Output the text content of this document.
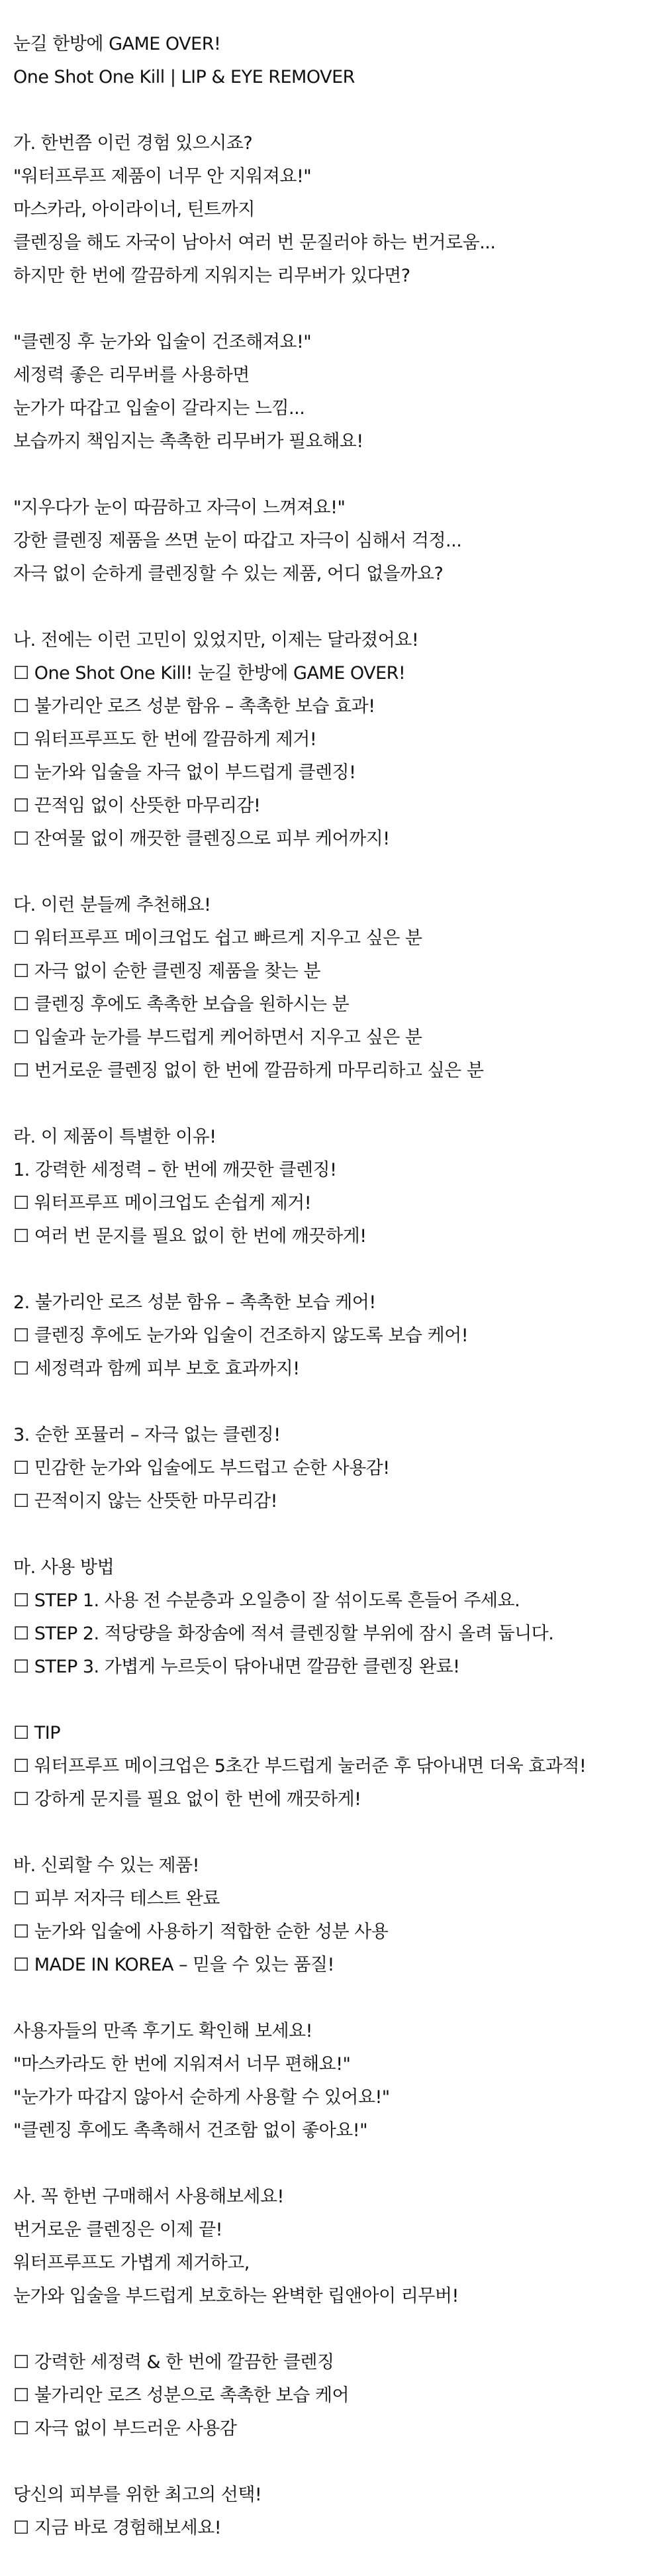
눈길 한방에 GAME OVER!
One Shot One Kill | LIP & EYE REMOVER
가. 한번쯤 이런 경험 있으시죠?
"워터프루프 제품이 너무 안 지워져요!"
마스카라, 아이라이너, 틴트까지
클렌징을 해도 자국이 남아서 여러 번 문질러야 하는 번거로움...
하지만 한 번에 깔끔하게 지워지는 리무버가 있다면?
"클렌징 후 눈가와 입술이 건조해져요!"
세정력 좋은 리무버를 사용하면
눈가가 따갑고 입술이 갈라지는 느낌...
보습까지 책임지는 촉촉한 리무버가 필요해요!
"지우다가 눈이 따끔하고 자극이 느껴져요!"
강한 클렌징 제품을 쓰면 눈이 따갑고 자극이 심해서 걱정...
자극 없이 순하게 클렌징할 수 있는 제품, 어디 없을까요?
나. 전에는 이런 고민이 있었지만, 이제는 달라졌어요!
☐ One Shot One Kill! 눈길 한방에 GAME OVER!
☐ 불가리안 로즈 성분 함유 – 촉촉한 보습 효과!
☐ 워터프루프도 한 번에 깔끔하게 제거!
☐ 눈가와 입술을 자극 없이 부드럽게 클렌징!
☐ 끈적임 없이 산뜻한 마무리감!
☐ 잔여물 없이 깨끗한 클렌징으로 피부 케어까지!
다. 이런 분들께 추천해요!
☐ 워터프루프 메이크업도 쉽고 빠르게 지우고 싶은 분
☐ 자극 없이 순한 클렌징 제품을 찾는 분
☐ 클렌징 후에도 촉촉한 보습을 원하시는 분
☐ 입술과 눈가를 부드럽게 케어하면서 지우고 싶은 분
☐ 번거로운 클렌징 없이 한 번에 깔끔하게 마무리하고 싶은 분
라. 이 제품이 특별한 이유!
1. 강력한 세정력 – 한 번에 깨끗한 클렌징!
☐ 워터프루프 메이크업도 손쉽게 제거!
☐ 여러 번 문지를 필요 없이 한 번에 깨끗하게!
2. 불가리안 로즈 성분 함유 – 촉촉한 보습 케어!
☐ 클렌징 후에도 눈가와 입술이 건조하지 않도록 보습 케어!
☐ 세정력과 함께 피부 보호 효과까지!
3. 순한 포뮬러 – 자극 없는 클렌징!
☐ 민감한 눈가와 입술에도 부드럽고 순한 사용감!
☐ 끈적이지 않는 산뜻한 마무리감!
마. 사용 방법
☐ STEP 1. 사용 전 수분층과 오일층이 잘 섞이도록 흔들어 주세요.
☐ STEP 2. 적당량을 화장솜에 적셔 클렌징할 부위에 잠시 올려 둡니다.
☐ STEP 3. 가볍게 누르듯이 닦아내면 깔끔한 클렌징 완료!
☐ TIP
☐ 워터프루프 메이크업은 5초간 부드럽게 눌러준 후 닦아내면 더욱 효과적!
☐ 강하게 문지를 필요 없이 한 번에 깨끗하게!
바. 신뢰할 수 있는 제품!
☐ 피부 저자극 테스트 완료
☐ 눈가와 입술에 사용하기 적합한 순한 성분 사용
☐ MADE IN KOREA – 믿을 수 있는 품질!
사용자들의 만족 후기도 확인해 보세요!
"마스카라도 한 번에 지워져서 너무 편해요!"
"눈가가 따갑지 않아서 순하게 사용할 수 있어요!"
"클렌징 후에도 촉촉해서 건조함 없이 좋아요!"
사. 꼭 한번 구매해서 사용해보세요!
번거로운 클렌징은 이제 끝!
워터프루프도 가볍게 제거하고,
눈가와 입술을 부드럽게 보호하는 완벽한 립앤아이 리무버!
☐ 강력한 세정력 & 한 번에 깔끔한 클렌징
☐ 불가리안 로즈 성분으로 촉촉한 보습 케어
☐ 자극 없이 부드러운 사용감
당신의 피부를 위한 최고의 선택!
☐ 지금 바로 경험해보세요!
